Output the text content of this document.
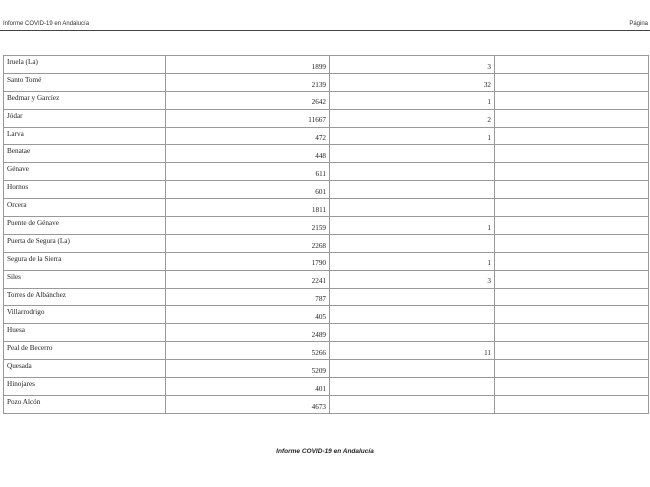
Informe COVID-19 en Andalucía	Página
Iruela (La)	1899	3	
Santo Tomé	2139	32	
Bedmar y Garcíez	2642	1	
Jódar	11667	2	
Larva	472	1	
Benatae	448		
Génave	611		
Hornos	601		
Orcera	1811		
Puente de Génave	2159	1	
Puerta de Segura (La)	2268		
Segura de la Sierra	1790	1	
Siles	2241	3	
Torres de Albánchez	787		
Villarrodrigo	405		
Huesa	2489		
Peal de Becerro	5266	11	
Quesada	5209		
Hinojares	401		
Pozo Alcón	4673		
Informe COVID-19 en Andalucía
